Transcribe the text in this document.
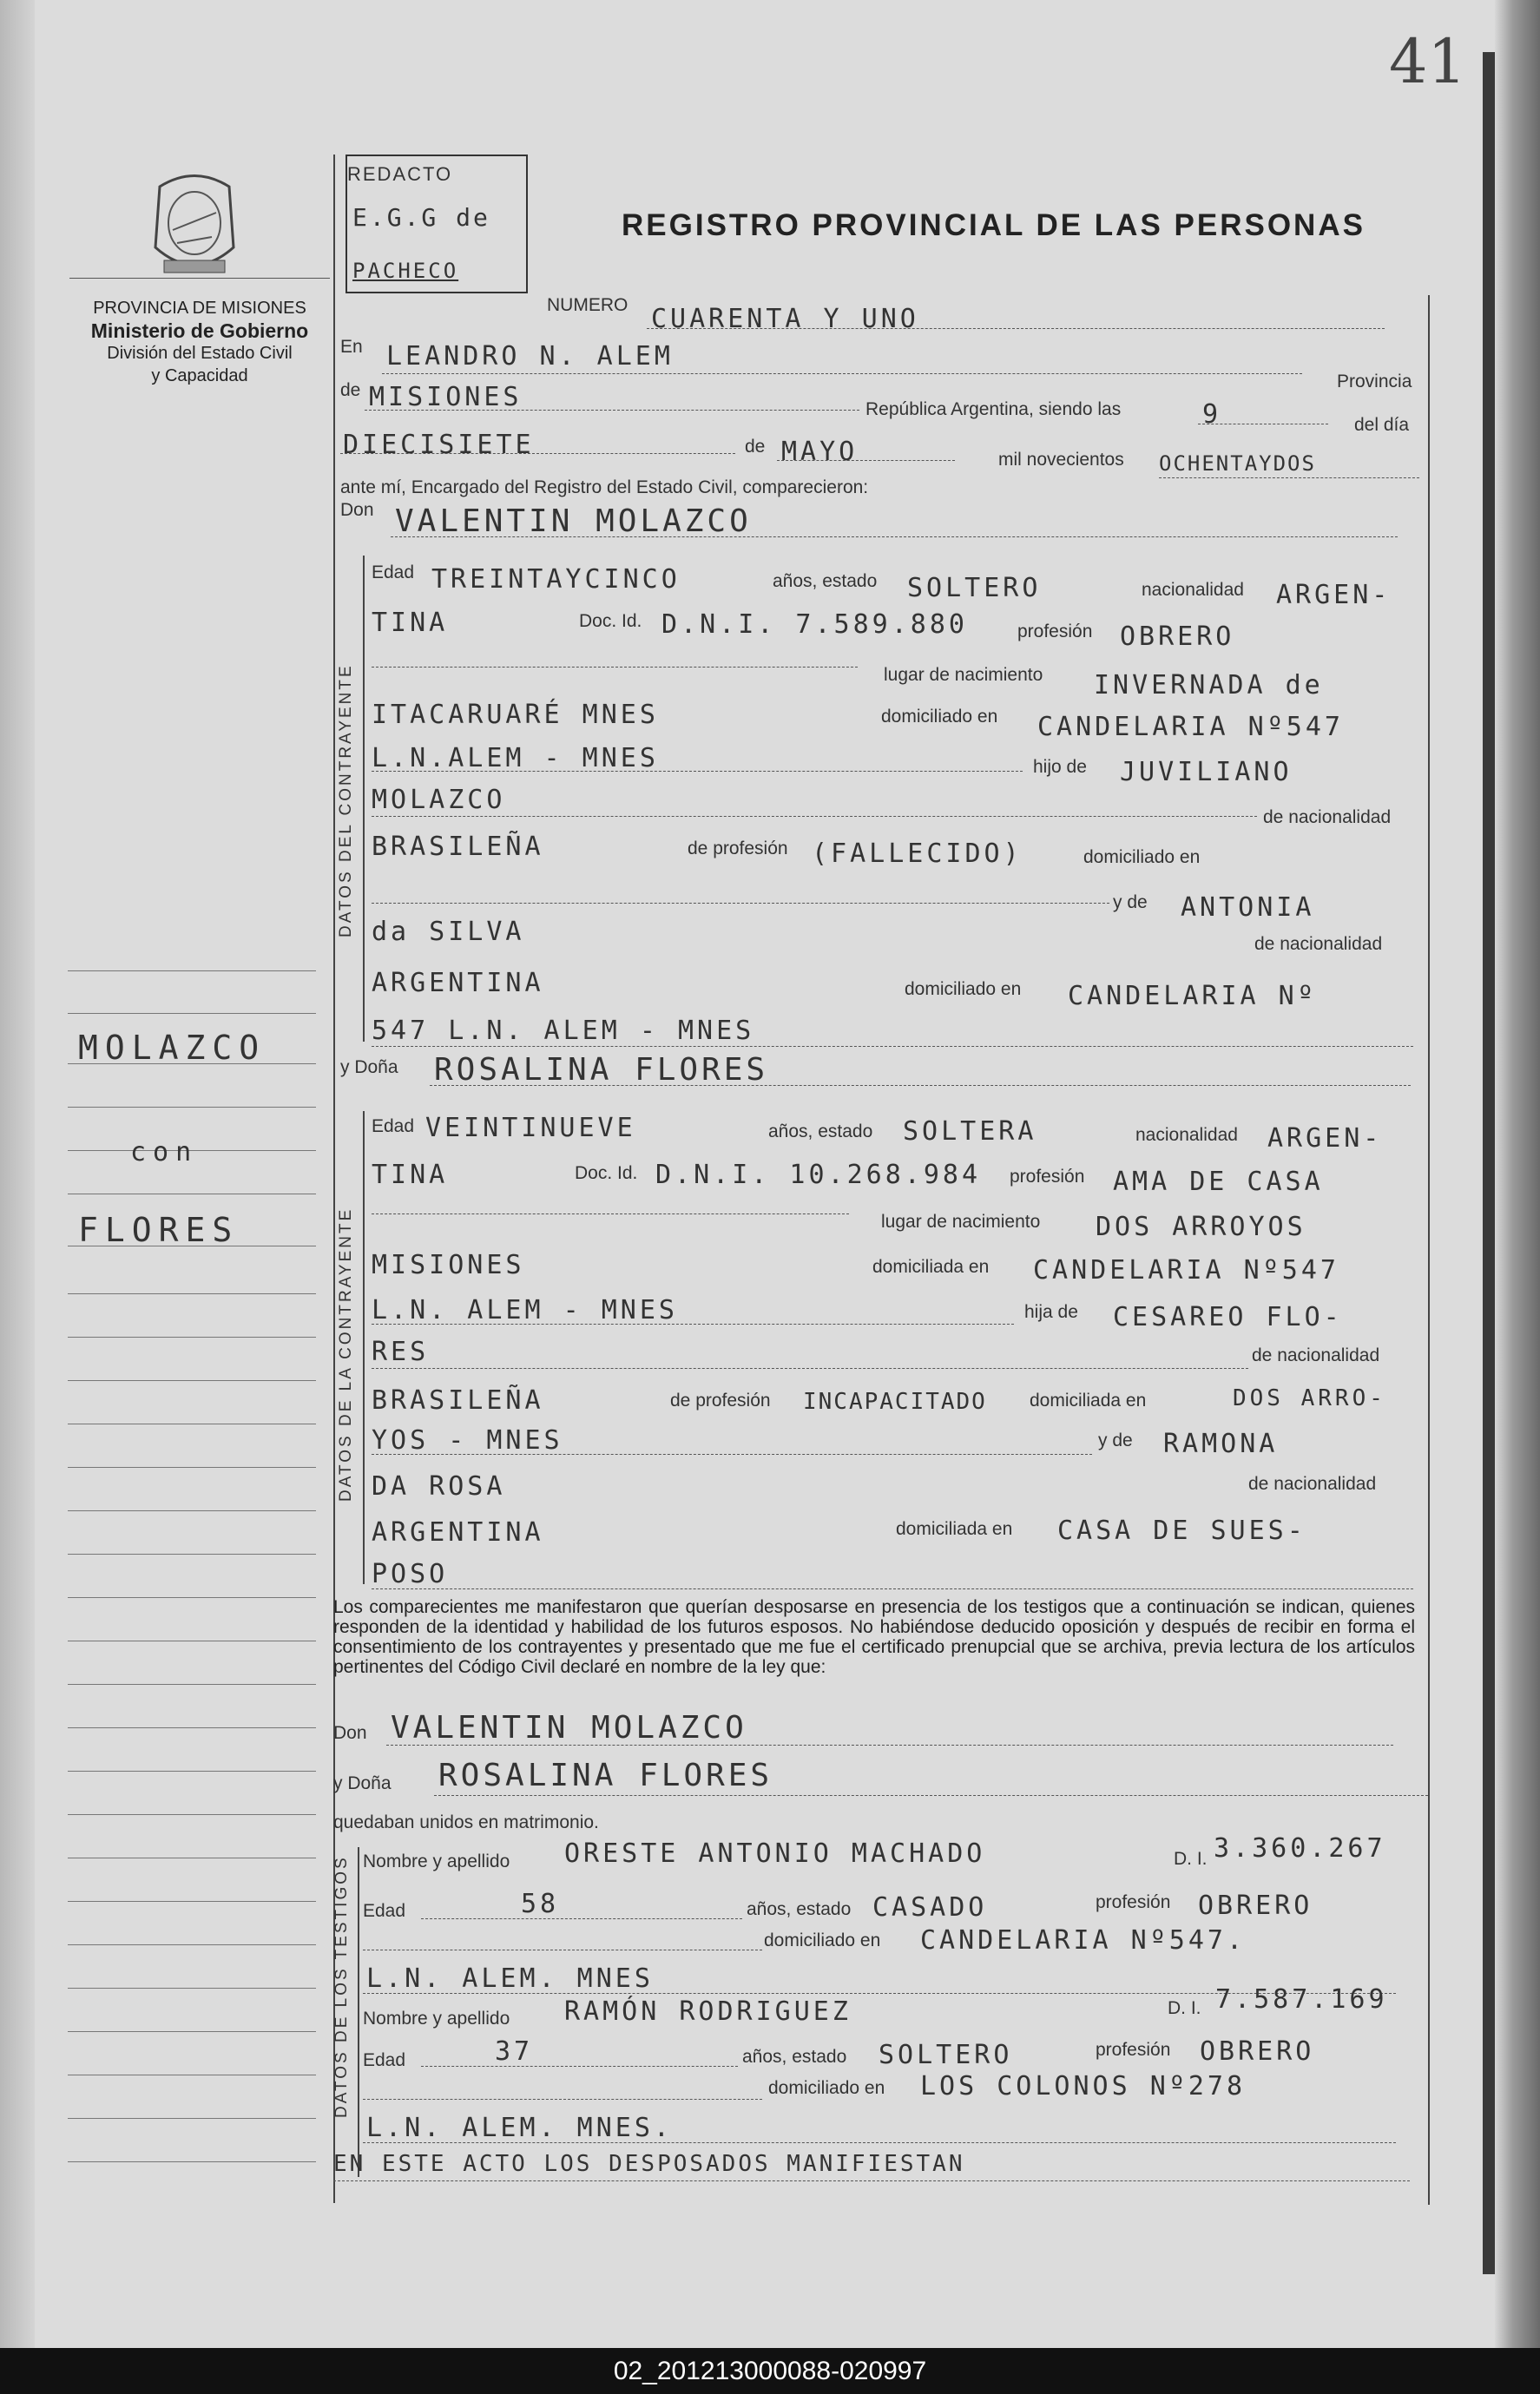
41
PROVINCIA DE MISIONES
Ministerio de Gobierno
División del Estado Civil
y Capacidad
REDACTO
E.G.G de
PACHECO
REGISTRO PROVINCIAL DE LAS PERSONAS
MOLAZCO
con
FLORES
NUMERO CUARENTA Y UNO
En LEANDRO N. ALEM
Provincia
de MISIONES	República Argentina, siendo las	9	del día
DIECISIETE	de MAYO	mil novecientos OCHENTAYDOS
ante mí, Encargado del Registro del Estado Civil, comparecieron:
Don VALENTIN MOLAZCO
DATOS DEL CONTRAYENTE
Edad TREINTAYCINCO	años, estado SOLTERO	nacionalidad ARGEN-
TINA	Doc. Id. D.N.I. 7.589.880	profesión OBRERO
lugar de nacimiento INVERNADA de
ITACARUARÉ MNES	domiciliado en CANDELARIA Nº547
L.N.ALEM - MNES	hijo de JUVILIANO
MOLAZCO
de nacionalidad
BRASILEÑA	de profesión (FALLECIDO)	domiciliado en
y de ANTONIA
da SILVA	de nacionalidad
ARGENTINA	domiciliado en CANDELARIA Nº
547 L.N. ALEM - MNES
y Doña ROSALINA FLORES
DATOS DE LA CONTRAYENTE
Edad VEINTINUEVE	años, estado SOLTERA	nacionalidad ARGEN-
TINA	Doc. Id. D.N.I. 10.268.984 profesión AMA DE CASA
lugar de nacimiento DOS ARROYOS
MISIONES	domiciliada en CANDELARIA Nº547
L.N. ALEM - MNES	hija de CESAREO FLO-
RES	de nacionalidad
BRASILEÑA	de profesión INCAPACITADO domiciliada en	DOS ARRO-
YOS - MNES	y de RAMONA
DA ROSA	de nacionalidad
ARGENTINA	domiciliada en CASA DE SUES-
POSO
Los comparecientes me manifestaron que querían desposarse en presencia de los testigos que a continuación se indican, quienes responden de la identidad y habilidad de los futuros esposos. No habiéndose deducido oposición y después de recibir en forma el consentimiento de los contrayentes y presentado que me fue el certificado prenupcial que se archiva, previa lectura de los artículos pertinentes del Código Civil declaré en nombre de la ley que:
Don VALENTIN MOLAZCO
y Doña ROSALINA FLORES
quedaban unidos en matrimonio.
DATOS DE LOS TESTIGOS Nombre y apellido ORESTE ANTONIO MACHADO	D. I. 3.360.267
Edad	58	años, estado CASADO	profesión OBRERO
domiciliado en CANDELARIA Nº547.
L.N. ALEM. MNES
Nombre y apellido RAMÓN RODRIGUEZ	D. I. 7.587.169
Edad	37	años, estado SOLTERO	profesión OBRERO
domiciliado en LOS COLONOS Nº278
L.N. ALEM. MNES.
EN ESTE ACTO LOS DESPOSADOS MANIFIESTAN
02_201213000088-020997
